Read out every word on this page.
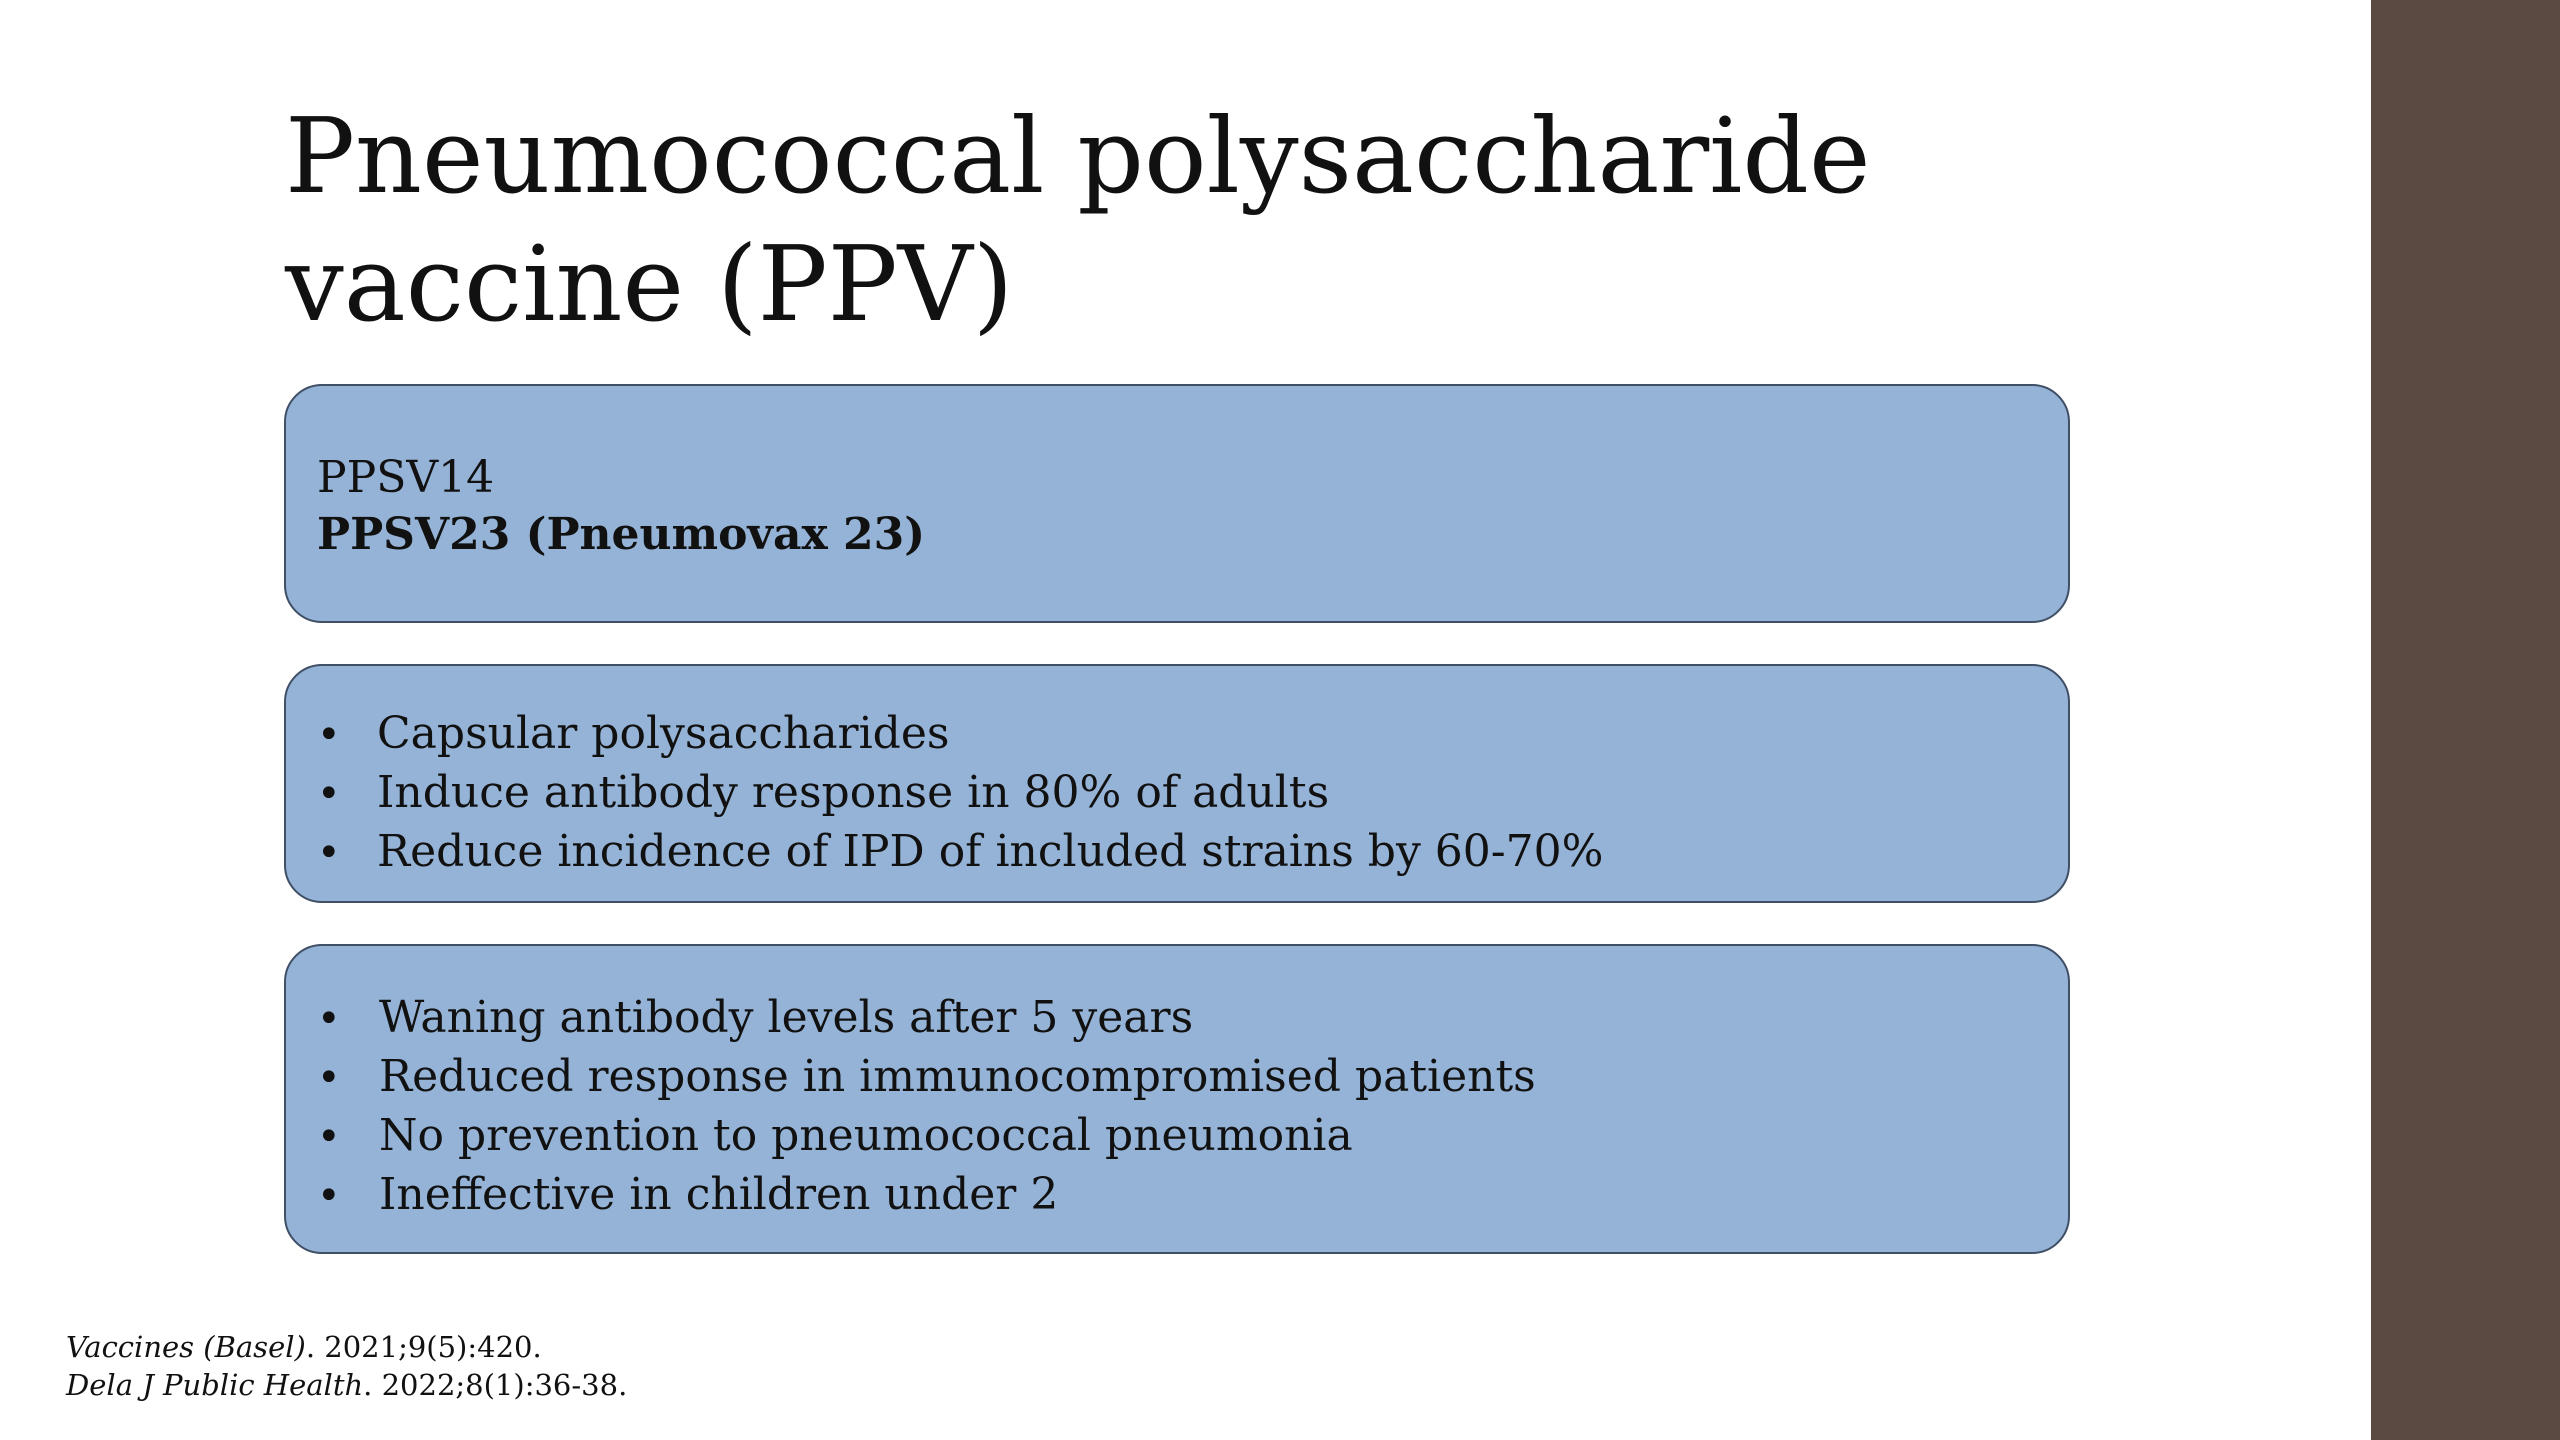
Pneumococcal polysaccharide
vaccine (PPV)
PPSV14
PPSV23 (Pneumovax 23)
• Capsular polysaccharides
• Induce antibody response in 80% of adults
• Reduce incidence of IPD of included strains by 60-70%
• Waning antibody levels after 5 years
• Reduced response in immunocompromised patients
• No prevention to pneumococcal pneumonia
• Ineffective in children under 2
Vaccines (Basel). 2021;9(5):420.
Dela J Public Health. 2022;8(1):36-38.
